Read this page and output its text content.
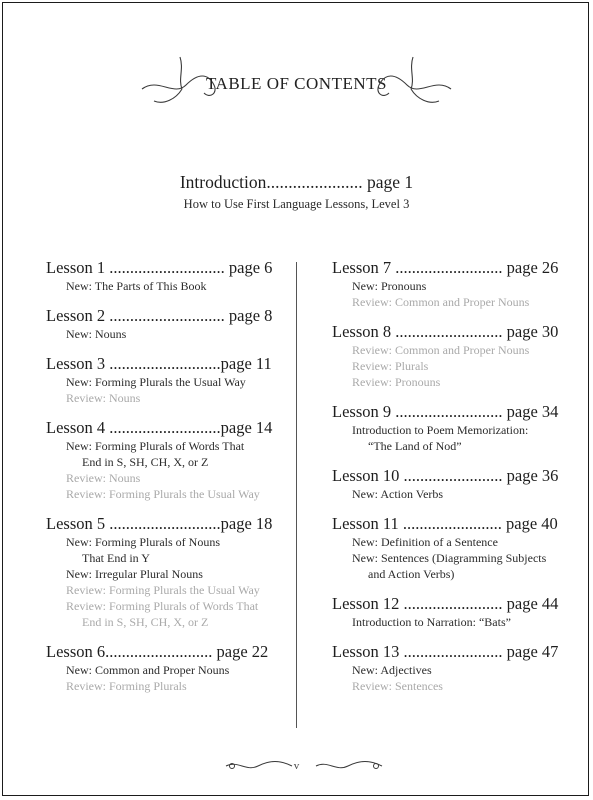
TABLE OF CONTENTS
Introduction...................... page 1
How to Use First Language Lessons, Level 3
Lesson 1 ............................ page 6
New: The Parts of This Book
Lesson 2 ............................ page 8
New: Nouns
Lesson 3 ...........................page 11
New: Forming Plurals the Usual Way
Review: Nouns
Lesson 4 ...........................page 14
New: Forming Plurals of Words That
End in S, SH, CH, X, or Z
Review: Nouns
Review: Forming Plurals the Usual Way
Lesson 5 ...........................page 18
New: Forming Plurals of Nouns
That End in Y
New: Irregular Plural Nouns
Review: Forming Plurals the Usual Way
Review: Forming Plurals of Words That
End in S, SH, CH, X, or Z
Lesson 6.......................... page 22
New: Common and Proper Nouns
Review: Forming Plurals
Lesson 7 .......................... page 26
New: Pronouns
Review: Common and Proper Nouns
Lesson 8 .......................... page 30
Review: Common and Proper Nouns
Review: Plurals
Review: Pronouns
Lesson 9 .......................... page 34
Introduction to Poem Memorization:
“The Land of Nod”
Lesson 10 ........................ page 36
New: Action Verbs
Lesson 11 ........................ page 40
New: Definition of a Sentence
New: Sentences (Diagramming Subjects
and Action Verbs)
Lesson 12 ........................ page 44
Introduction to Narration: “Bats”
Lesson 13 ........................ page 47
New: Adjectives
Review: Sentences
v
